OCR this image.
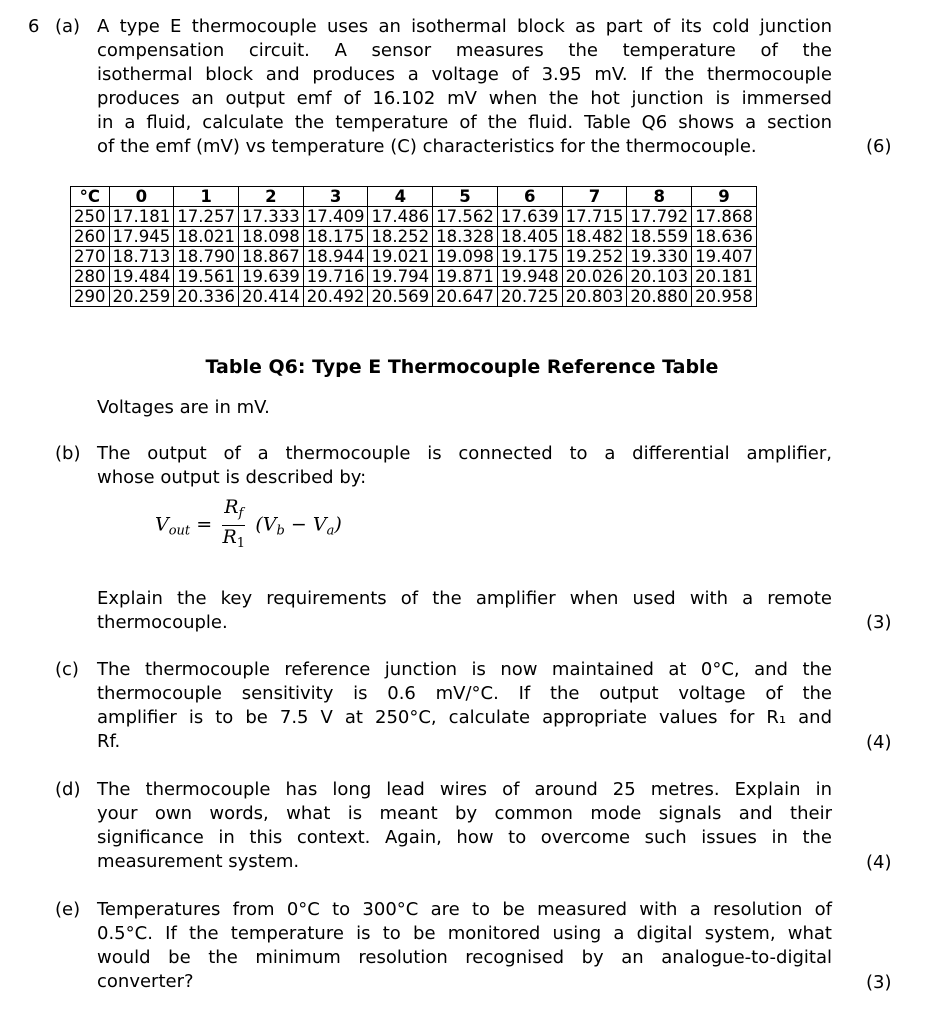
6 (a) A type E thermocouple uses an isothermal block as part of its cold junction
compensation circuit. A sensor measures the temperature of the
isothermal block and produces a voltage of 3.95 mV. If the thermocouple
produces an output emf of 16.102 mV when the hot junction is immersed
in a fluid, calculate the temperature of the fluid. Table Q6 shows a section
of the emf (mV) vs temperature (C) characteristics for the thermocouple.	(6)
°C	0	1	2	3	4	5	6	7	8	9
250	17.181	17.257	17.333	17.409	17.486	17.562	17.639	17.715	17.792	17.868
260	17.945	18.021	18.098	18.175	18.252	18.328	18.405	18.482	18.559	18.636
270	18.713	18.790	18.867	18.944	19.021	19.098	19.175	19.252	19.330	19.407
280	19.484	19.561	19.639	19.716	19.794	19.871	19.948	20.026	20.103	20.181
290	20.259	20.336	20.414	20.492	20.569	20.647	20.725	20.803	20.880	20.958
Table Q6: Type E Thermocouple Reference Table
Voltages are in mV.
(b) The output of a thermocouple is connected to a differential amplifier,
whose output is described by:
$V_{out} = \frac{R_f}{R_1} (V_b - V_a)$
Explain the key requirements of the amplifier when used with a remote
thermocouple.	(3)
(c) The thermocouple reference junction is now maintained at 0°C, and the
thermocouple sensitivity is 0.6 mV/°C. If the output voltage of the
amplifier is to be 7.5 V at 250°C, calculate appropriate values for R₁ and
Rf.	(4)
(d) The thermocouple has long lead wires of around 25 metres. Explain in
your own words, what is meant by common mode signals and their
significance in this context. Again, how to overcome such issues in the
measurement system.	(4)
(e) Temperatures from 0°C to 300°C are to be measured with a resolution of
0.5°C. If the temperature is to be monitored using a digital system, what
would be the minimum resolution recognised by an analogue-to-digital
converter?	(3)
